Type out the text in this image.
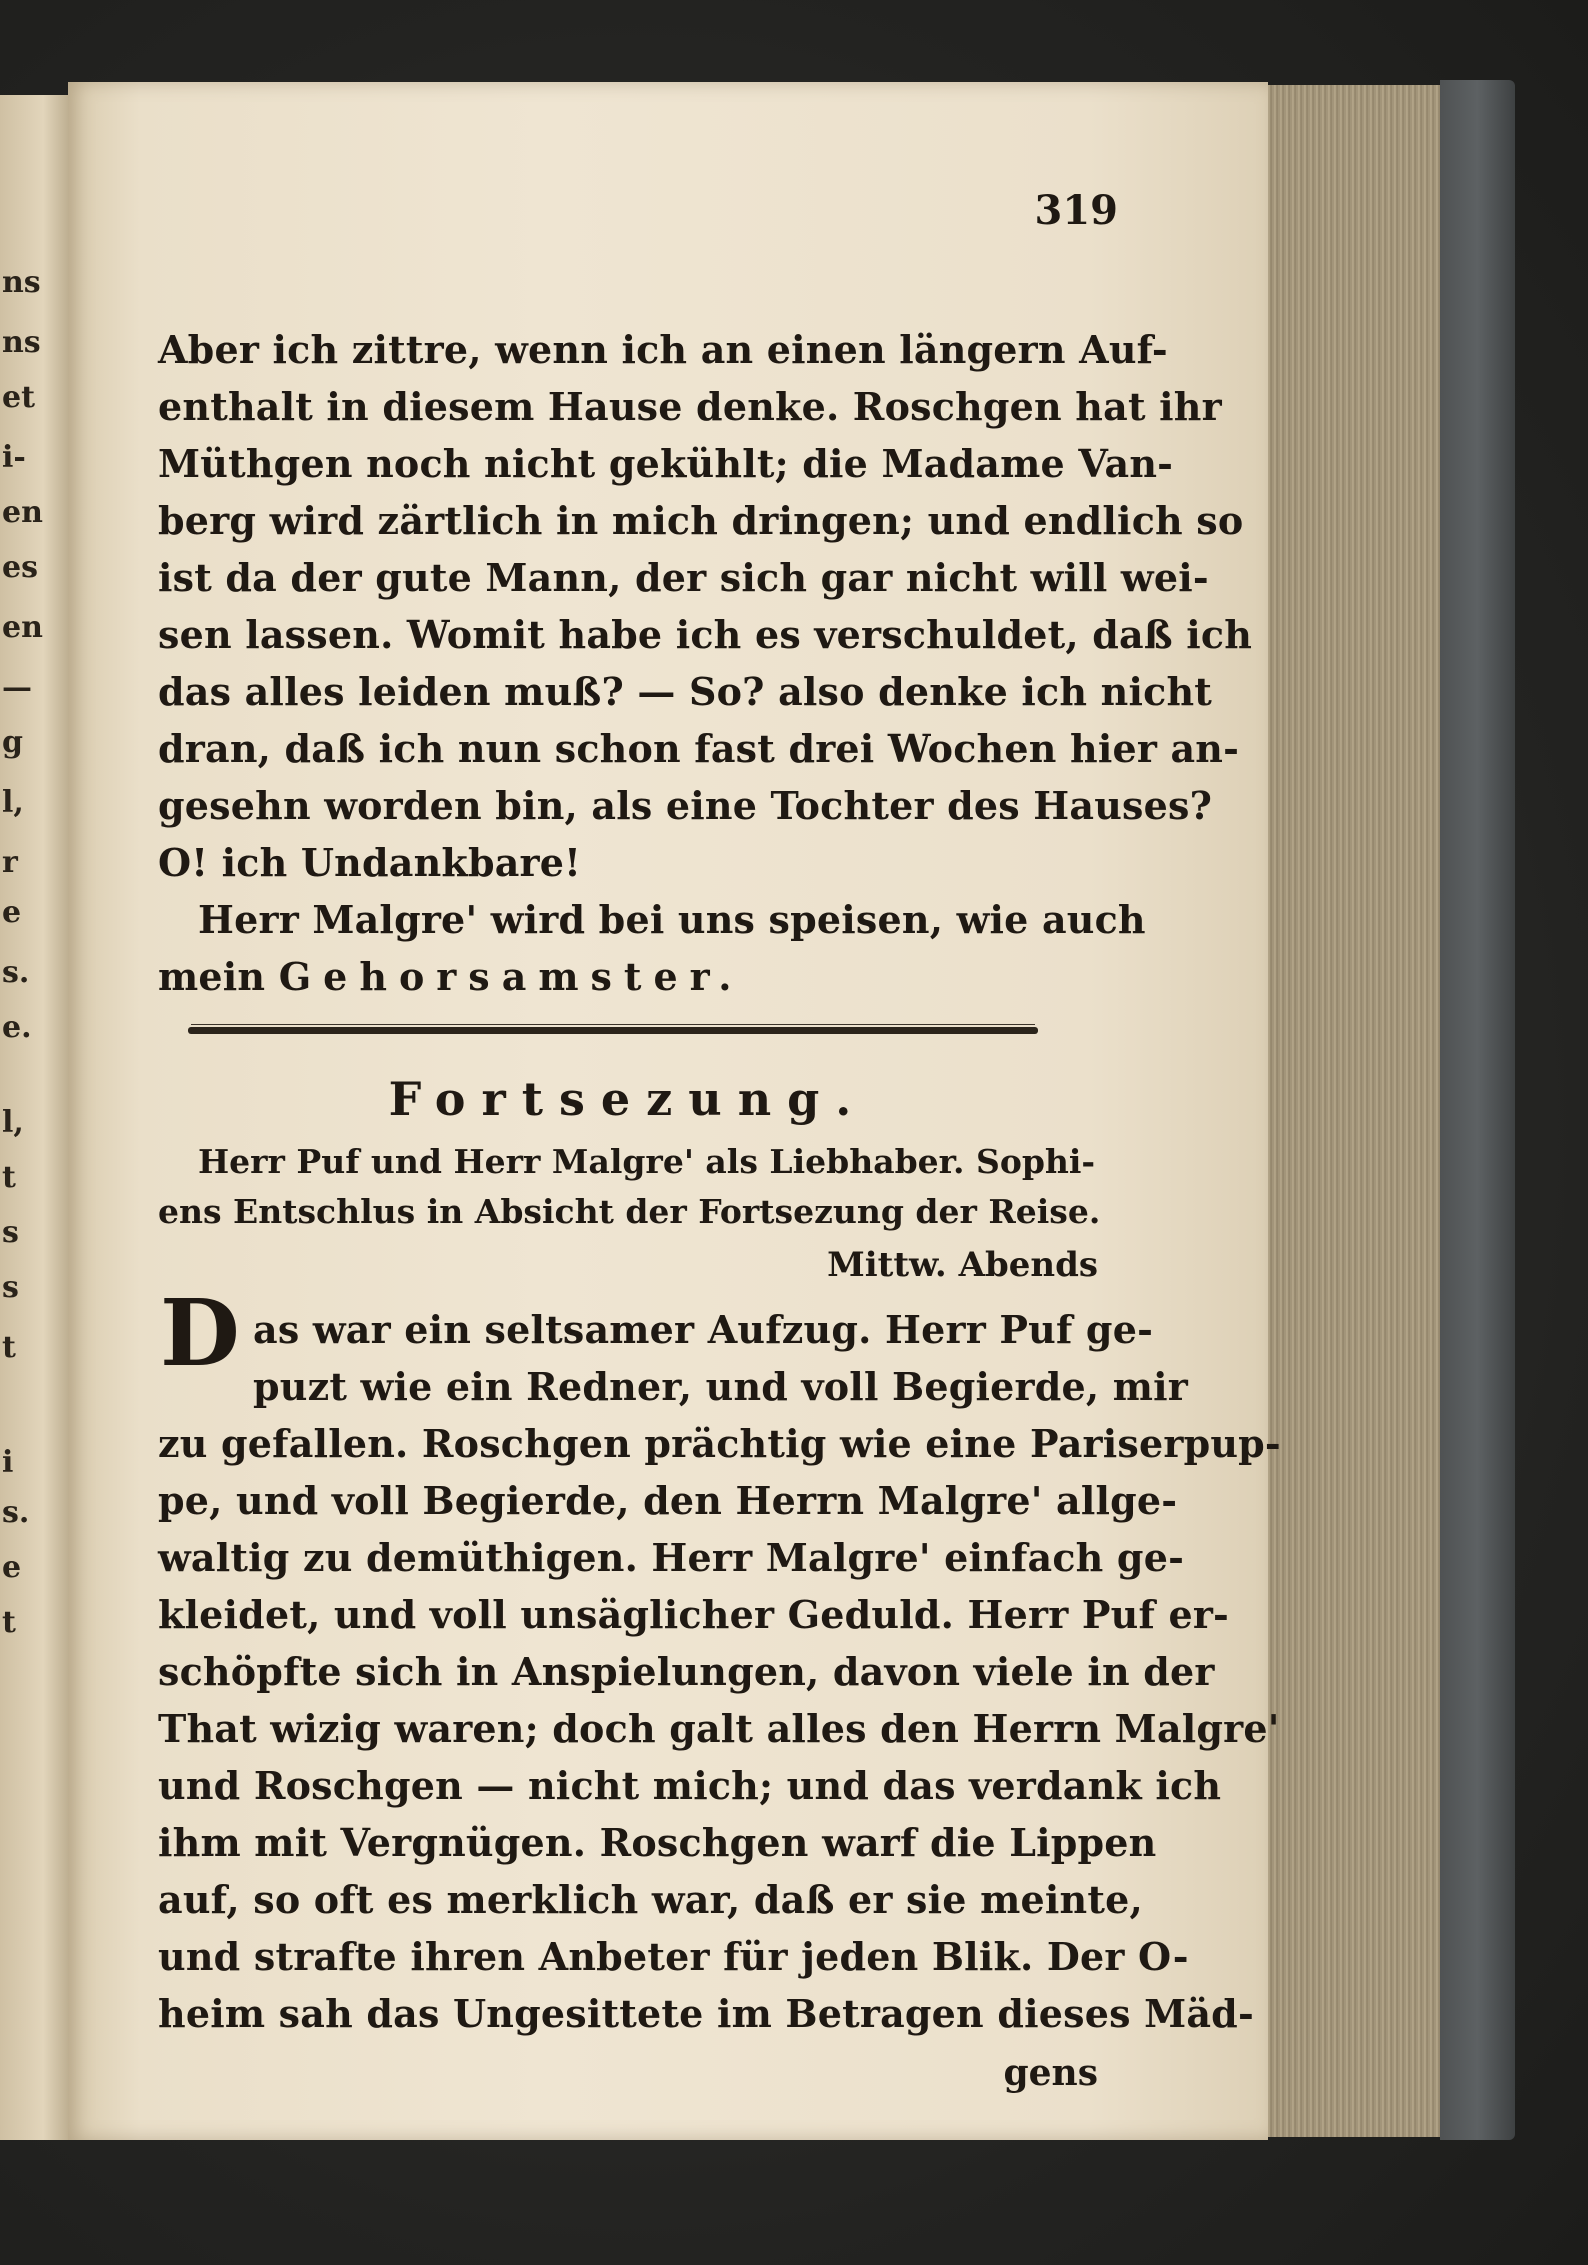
ns
ns
et
i-
en
es
en
—
g
l,
r
e
s.
e.
l,
t
s
s
t
i
s.
e
t
319
Aber ich zittre, wenn ich an einen längern Auf-
enthalt in diesem Hause denke. Roschgen hat ihr
Müthgen noch nicht gekühlt; die Madame Van-
berg wird zärtlich in mich dringen; und endlich so
ist da der gute Mann, der sich gar nicht will wei-
sen lassen. Womit habe ich es verschuldet, daß ich
das alles leiden muß? — So? also denke ich nicht
dran, daß ich nun schon fast drei Wochen hier an-
gesehn worden bin, als eine Tochter des Hauses?
O! ich Undankbare!
Herr Malgre' wird bei uns speisen, wie auch
mein Gehorsamster.
Fortsezung.
Herr Puf und Herr Malgre' als Liebhaber. Sophi-
ens Entschlus in Absicht der Fortsezung der Reise.
Mittw. Abends
D as war ein seltsamer Aufzug. Herr Puf ge-
puzt wie ein Redner, und voll Begierde, mir
zu gefallen. Roschgen prächtig wie eine Pariserpup-
pe, und voll Begierde, den Herrn Malgre' allge-
waltig zu demüthigen. Herr Malgre' einfach ge-
kleidet, und voll unsäglicher Geduld. Herr Puf er-
schöpfte sich in Anspielungen, davon viele in der
That wizig waren; doch galt alles den Herrn Malgre'
und Roschgen — nicht mich; und das verdank ich
ihm mit Vergnügen. Roschgen warf die Lippen
auf, so oft es merklich war, daß er sie meinte,
und strafte ihren Anbeter für jeden Blik. Der O-
heim sah das Ungesittete im Betragen dieses Mäd-
gens
